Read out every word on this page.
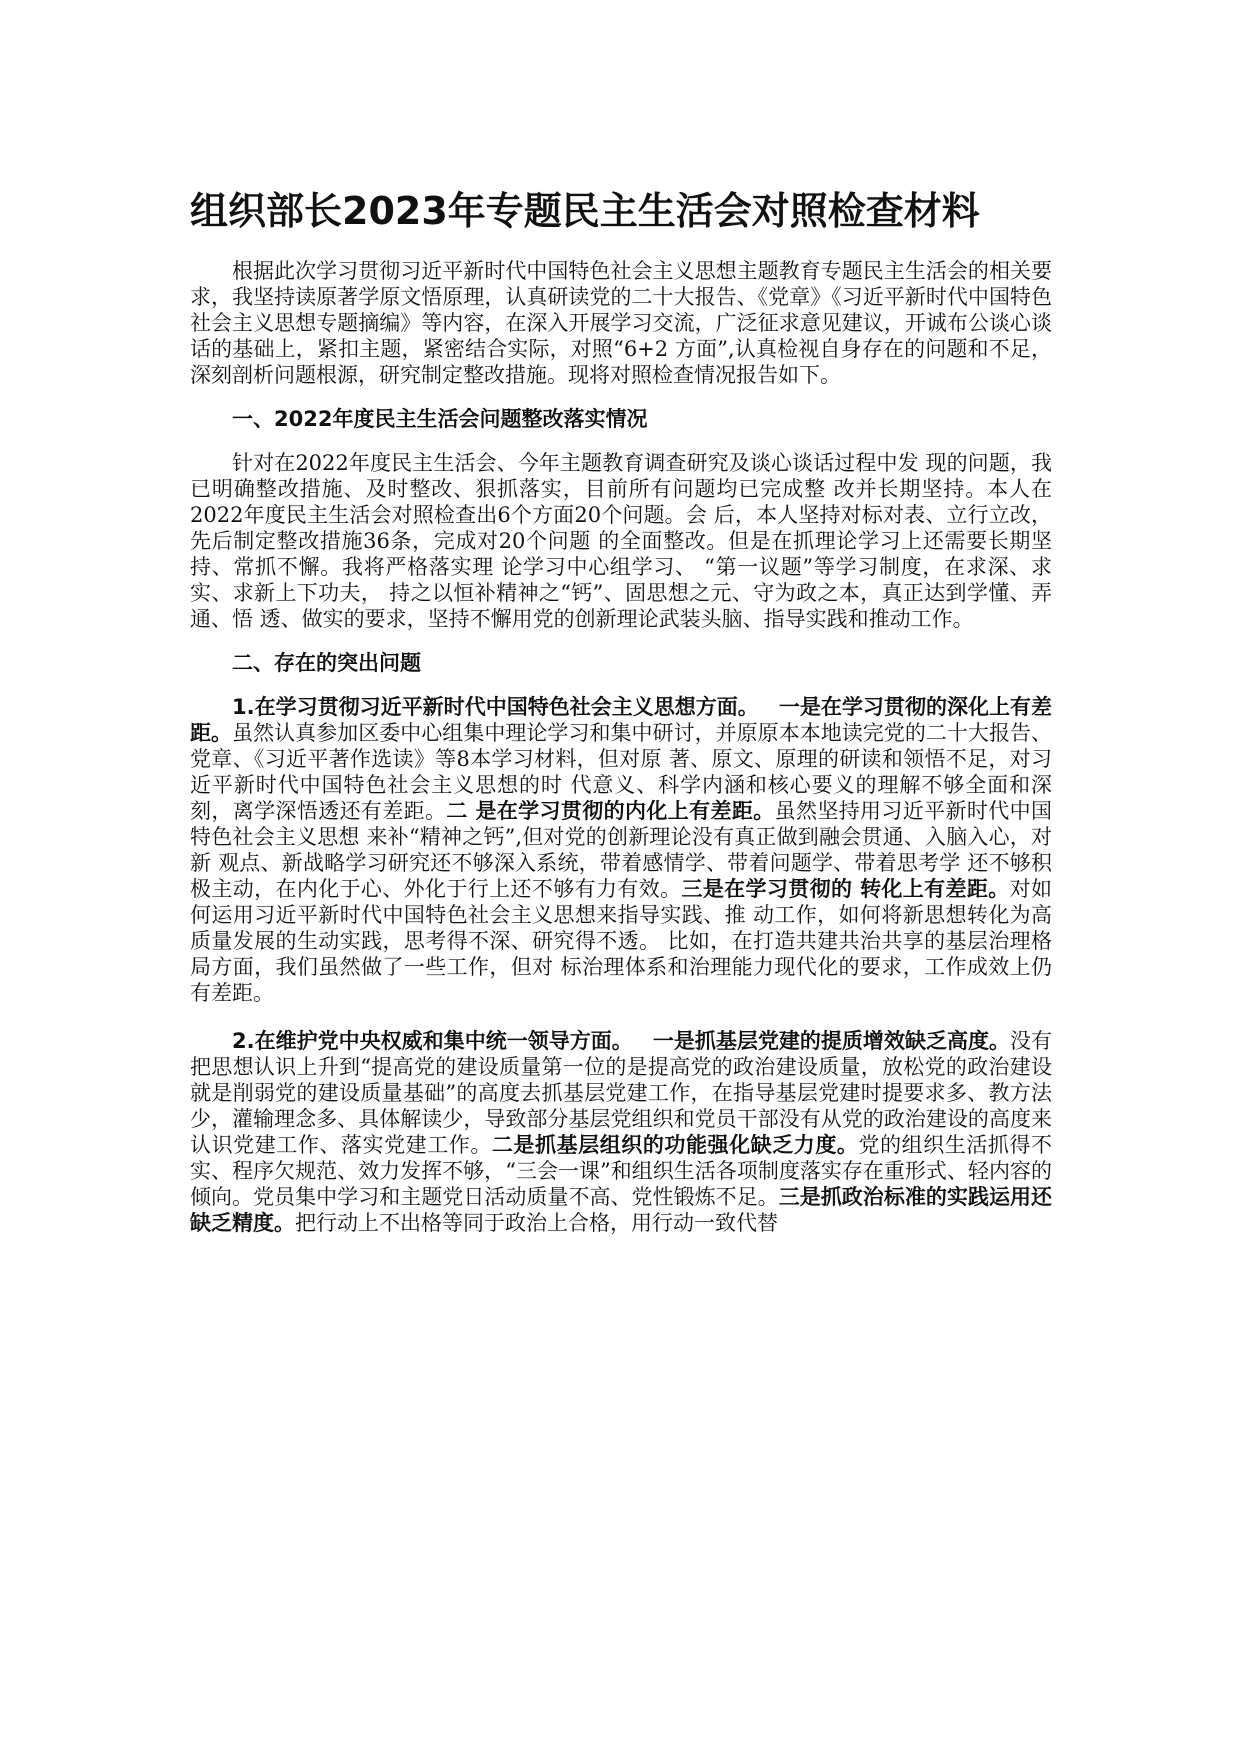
组织部长2023年专题民主生活会对照检查材料

根据此次学习贯彻习近平新时代中国特色社会主义思想主题教育专题民主生活会的相关要求，我坚持读原著学原文悟原理，认真研读党的二十大报告、《党章》《习近平新时代中国特色社会主义思想专题摘编》等内容，在深入开展学习交流，广泛征求意见建议，开诚布公谈心谈话的基础上，紧扣主题，紧密结合实际，对照“6+2 方面”,认真检视自身存在的问题和不足，深刻剖析问题根源，研究制定整改措施。现将对照检查情况报告如下。

一、2022年度民主生活会问题整改落实情况

针对在2022年度民主生活会、今年主题教育调查研究及谈心谈话过程中发 现的问题，我已明确整改措施、及时整改、狠抓落实，目前所有问题均已完成整 改并长期坚持。本人在2022年度民主生活会对照检查出6个方面20个问题。会 后，本人坚持对标对表、立行立改，先后制定整改措施36条，完成对20个问题 的全面整改。但是在抓理论学习上还需要长期坚持、常抓不懈。我将严格落实理 论学习中心组学习、 “第一议题”等学习制度，在求深、求实、求新上下功夫， 持之以恒补精神之“钙”、固思想之元、守为政之本，真正达到学懂、弄通、悟 透、做实的要求，坚持不懈用党的创新理论武装头脑、指导实践和推动工作。

二、存在的突出问题

1.在学习贯彻习近平新时代中国特色社会主义思想方面。 一是在学习贯彻的深化上有差距。虽然认真参加区委中心组集中理论学习和集中研讨，并原原本本地读完党的二十大报告、党章、《习近平著作选读》等8本学习材料，但对原 著、原文、原理的研读和领悟不足，对习近平新时代中国特色社会主义思想的时 代意义、科学内涵和核心要义的理解不够全面和深刻，离学深悟透还有差距。二 是在学习贯彻的内化上有差距。虽然坚持用习近平新时代中国特色社会主义思想 来补“精神之钙”,但对党的创新理论没有真正做到融会贯通、入脑入心，对新 观点、新战略学习研究还不够深入系统，带着感情学、带着问题学、带着思考学 还不够积极主动，在内化于心、外化于行上还不够有力有效。三是在学习贯彻的 转化上有差距。对如何运用习近平新时代中国特色社会主义思想来指导实践、推 动工作，如何将新思想转化为高质量发展的生动实践，思考得不深、研究得不透。 比如，在打造共建共治共享的基层治理格局方面，我们虽然做了一些工作，但对 标治理体系和治理能力现代化的要求，工作成效上仍有差距。

2.在维护党中央权威和集中统一领导方面。 一是抓基层党建的提质增效缺乏高度。没有把思想认识上升到“提高党的建设质量第一位的是提高党的政治建设质量，放松党的政治建设就是削弱党的建设质量基础”的高度去抓基层党建工作，在指导基层党建时提要求多、教方法少，灌输理念多、具体解读少，导致部分基层党组织和党员干部没有从党的政治建设的高度来认识党建工作、落实党建工作。二是抓基层组织的功能强化缺乏力度。党的组织生活抓得不实、程序欠规范、效力发挥不够，“三会一课”和组织生活各项制度落实存在重形式、轻内容的倾向。党员集中学习和主题党日活动质量不高、党性锻炼不足。三是抓政治标准的实践运用还缺乏精度。把行动上不出格等同于政治上合格，用行动一致代替
